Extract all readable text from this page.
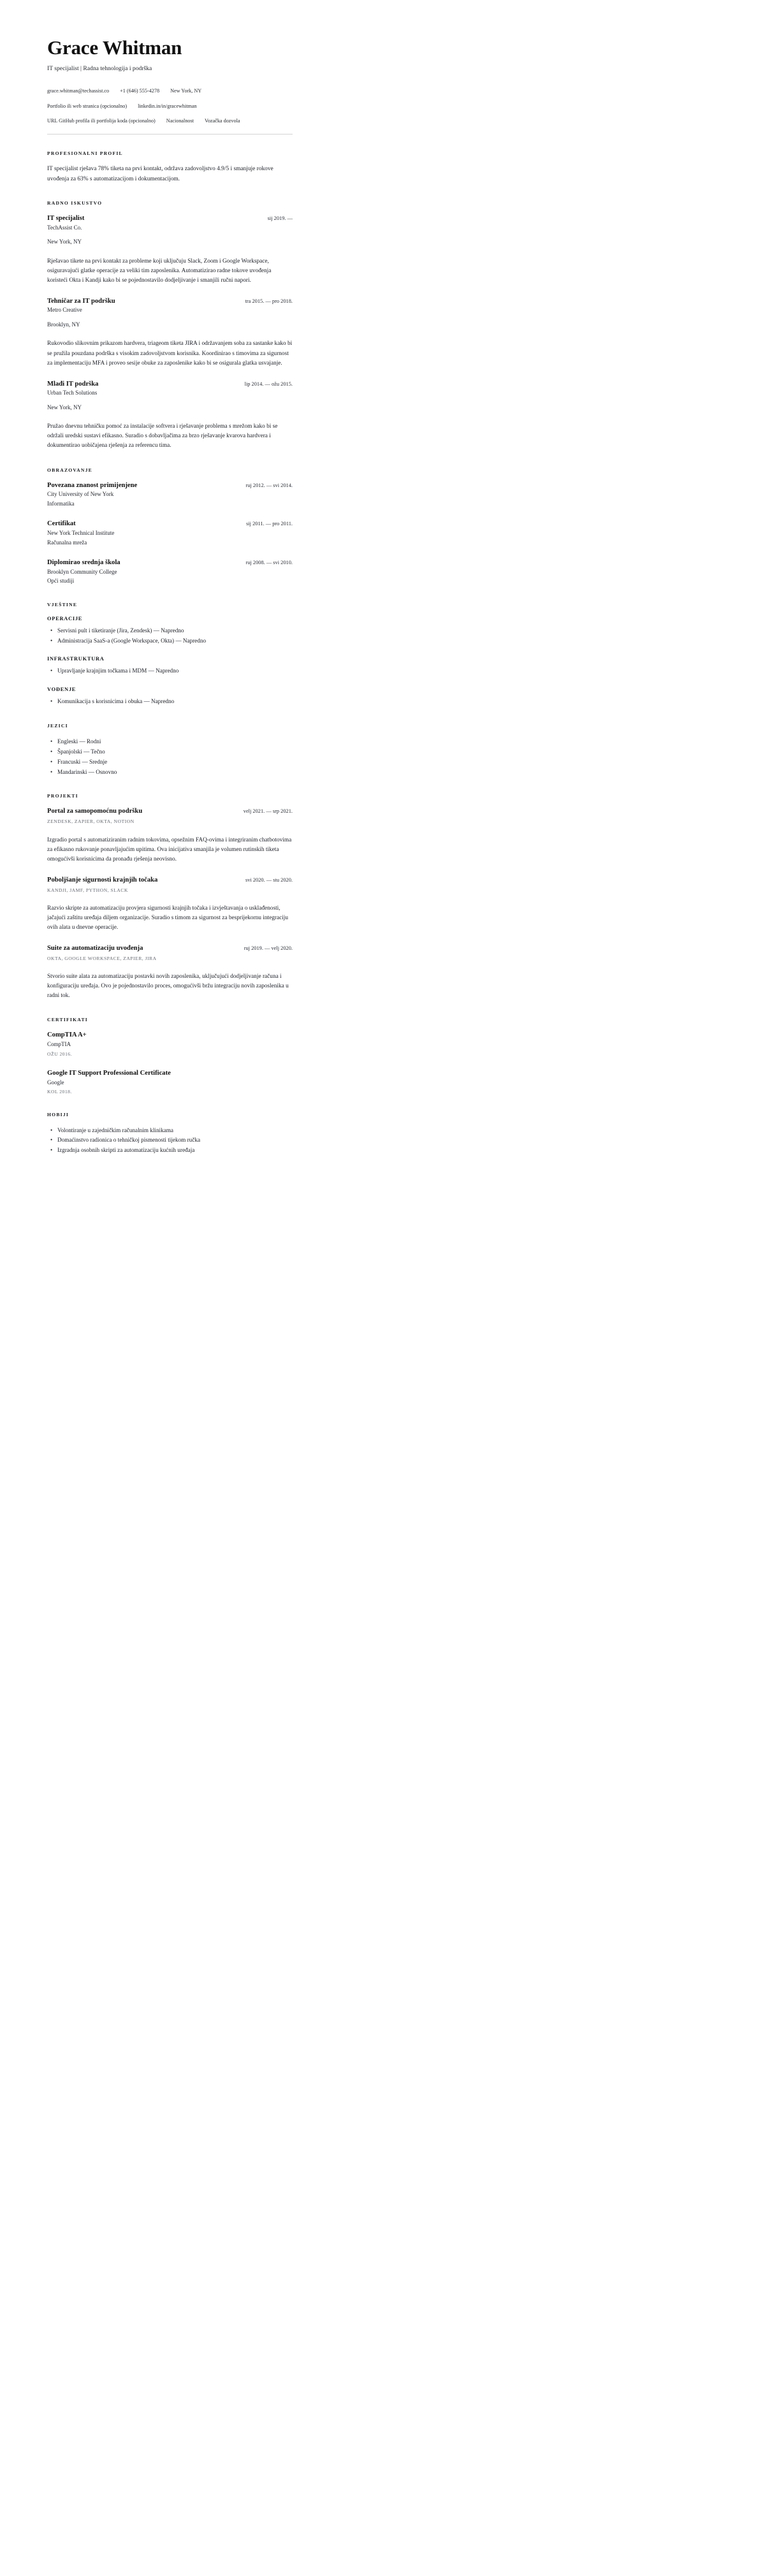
Grace Whitman

IT specijalist | Radna tehnologija i podrška

grace.whitman@techassist.co +1 (646) 555-4278 New York, NY
Portfolio ili web stranica (opcionalno) linkedin.in/in/gracewhitman
URL GitHub profila ili portfolija koda (opcionalno) Nacionalnost Vozačka dozvola
PROFESIONALNI PROFIL

IT specijalist rješava 78% tiketa na prvi kontakt, održava zadovoljstvo 4.9/5 i smanjuje rokove uvođenja za 63% s automatizacijom i dokumentacijom.

RADNO ISKUSTVO
IT specijalist	sij 2019. —

TechAssist Co.

New York, NY

Rješavao tikete na prvi kontakt za probleme koji uključuju Slack, Zoom i Google Workspace, osiguravajući glatke operacije za veliki tim zaposlenika. Automatizirao radne tokove uvođenja koristeći Okta i Kandji kako bi se pojednostavilo dodjeljivanje i smanjili ručni napori.

Tehničar za IT podršku	tra 2015. — pro 2018.

Metro Creative

Brooklyn, NY

Rukovodio slikovnim prikazom hardvera, triageom tiketa JIRA i održavanjem soba za sastanke kako bi se pružila pouzdana podrška s visokim zadovoljstvom korisnika. Koordinirao s timovima za sigurnost za implementaciju MFA i proveo sesije obuke za zaposlenike kako bi se osigurala glatka usvajanje.

Mlađi IT podrška	lip 2014. — ožu 2015.

Urban Tech Solutions

New York, NY

Pružao dnevnu tehničku pomoć za instalacije softvera i rješavanje problema s mrežom kako bi se održali uredski sustavi efikasno. Suradio s dobavljačima za brzo rješavanje kvarova hardvera i dokumentirao uobičajena rješenja za referencu tima.

OBRAZOVANJE
Povezana znanost primijenjene	ruj 2012. — svi 2014.

City University of New York

Informatika

Certifikat	sij 2011. — pro 2011.

New York Technical Institute

Računalna mreža

Diplomirao srednja škola	ruj 2008. — svi 2010.

Brooklyn Community College

Opći studiji

VJEŠTINE
OPERACIJE
• Servisni pult i tiketiranje (Jira, Zendesk) — Napredno
• Administracija SaaS-a (Google Workspace, Okta) — Napredno
INFRASTRUKTURA
• Upravljanje krajnjim točkama i MDM — Napredno
VOĐENJE
• Komunikacija s korisnicima i obuka — Napredno
JEZICI
• Engleski — Rodni
• Španjolski — Tečno
• Francuski — Srednje
• Mandarinski — Osnovno
PROJEKTI
Portal za samopomoćnu podršku	velj 2021. — srp 2021.

ZENDESK, ZAPIER, OKTA, NOTION

Izgradio portal s automatiziranim radnim tokovima, opsežnim FAQ-ovima i integriranim chatbotovima za efikasno rukovanje ponavljajućim upitima. Ova inicijativa smanjila je volumen rutinskih tiketa omogućivši korisnicima da pronađu rješenja neovisno.

Poboljšanje sigurnosti krajnjih točaka	svi 2020. — stu 2020.

KANDJI, JAMF, PYTHON, SLACK

Razvio skripte za automatizaciju provjera sigurnosti krajnjih točaka i izvještavanja o usklađenosti, jačajući zaštitu uređaja diljem organizacije. Suradio s timom za sigurnost za besprijekornu integraciju ovih alata u dnevne operacije.

Suite za automatizaciju uvođenja	ruj 2019. — velj 2020.

OKTA, GOOGLE WORKSPACE, ZAPIER, JIRA

Stvorio suite alata za automatizaciju postavki novih zaposlenika, uključujući dodjeljivanje računa i konfiguraciju uređaja. Ovo je pojednostavilo proces, omogućivši bržu integraciju novih zaposlenika u radni tok.

CERTIFIKATI
CompTIA A+

CompTIA

OŽU 2016.

Google IT Support Professional Certificate

Google

KOL 2018.

HOBIJI
• Volontiranje u zajedničkim računalnim klinikama
• Domaćinstvo radionica o tehničkoj pismenosti tijekom ručka
• Izgradnja osobnih skripti za automatizaciju kućnih uređaja
